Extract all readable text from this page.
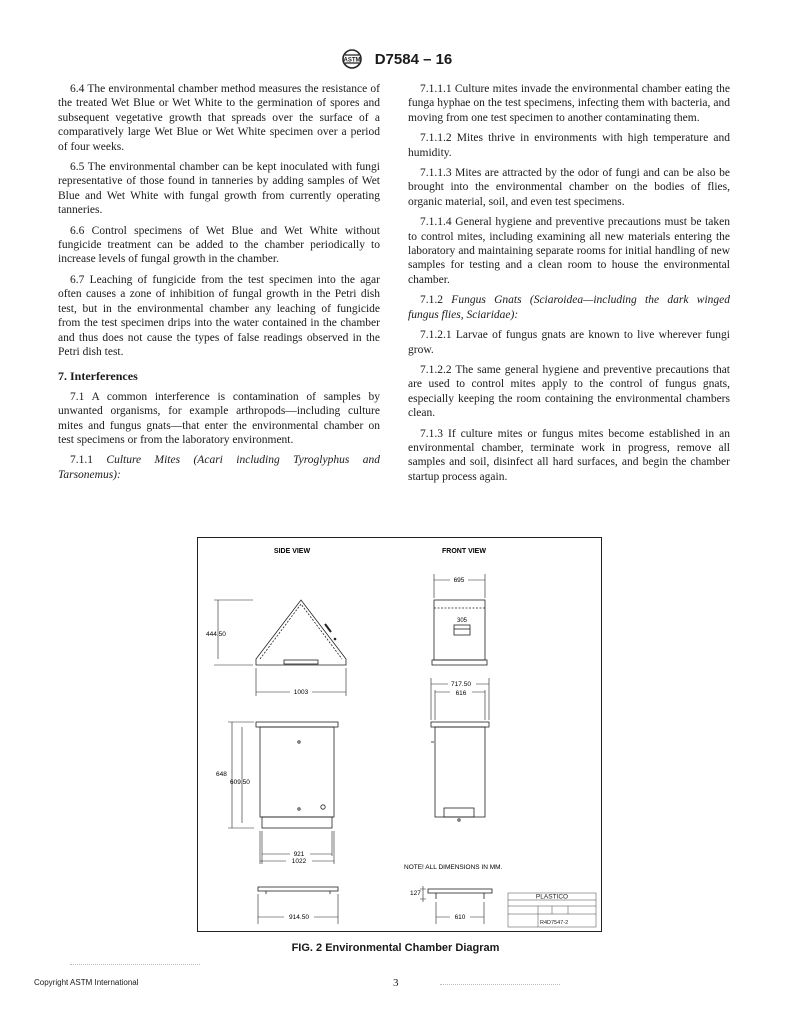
ASTM D7584 – 16

6.4 The environmental chamber method measures the resistance of the treated Wet Blue or Wet White to the germination of spores and subsequent vegetative growth that spreads over the surface of a comparatively large Wet Blue or Wet White specimen over a period of four weeks.

6.5 The environmental chamber can be kept inoculated with fungi representative of those found in tanneries by adding samples of Wet Blue and Wet White with fungal growth from currently operating tanneries.

6.6 Control specimens of Wet Blue and Wet White without fungicide treatment can be added to the chamber periodically to increase levels of fungal growth in the chamber.

6.7 Leaching of fungicide from the test specimen into the agar often causes a zone of inhibition of fungal growth in the Petri dish test, but in the environmental chamber any leaching of fungicide from the test specimen drips into the water contained in the chamber and thus does not cause the types of false readings observed in the Petri dish test.

7. Interferences

7.1 A common interference is contamination of samples by unwanted organisms, for example arthropods—including culture mites and fungus gnats—that enter the environmental chamber on test specimens or from the laboratory environment.

7.1.1 Culture Mites (Acari including Tyroglyphus and Tarsonemus):

7.1.1.1 Culture mites invade the environmental chamber eating the funga hyphae on the test specimens, infecting them with bacteria, and moving from one test specimen to another contaminating them.

7.1.1.2 Mites thrive in environments with high temperature and humidity.

7.1.1.3 Mites are attracted by the odor of fungi and can be also be brought into the environmental chamber on the bodies of flies, organic material, soil, and even test specimens.

7.1.1.4 General hygiene and preventive precautions must be taken to control mites, including examining all new materials entering the laboratory and maintaining separate rooms for initial handling of new samples for testing and a clean room to house the environmental chamber.

7.1.2 Fungus Gnats (Sciaroidea—including the dark winged fungus flies, Sciaridae):

7.1.2.1 Larvae of fungus gnats are known to live wherever fungi grow.

7.1.2.2 The same general hygiene and preventive precautions that are used to control mites apply to the control of fungus gnats, especially keeping the room containing the environmental chambers clean.

7.1.3 If culture mites or fungus mites become established in an environmental chamber, terminate work in progress, remove all samples and soil, disinfect all hard surfaces, and begin the chamber startup process again.

SIDE VIEW	FRONT VIEW
444.50
1003
695
305
717.50
616
648
609.50
921
1022
914.50
NOTE! ALL DIMENSIONS IN MM.
127
610
PLASTICO
R4D7547-2
FIG. 2 Environmental Chamber Diagram
Copyright ASTM International	3
